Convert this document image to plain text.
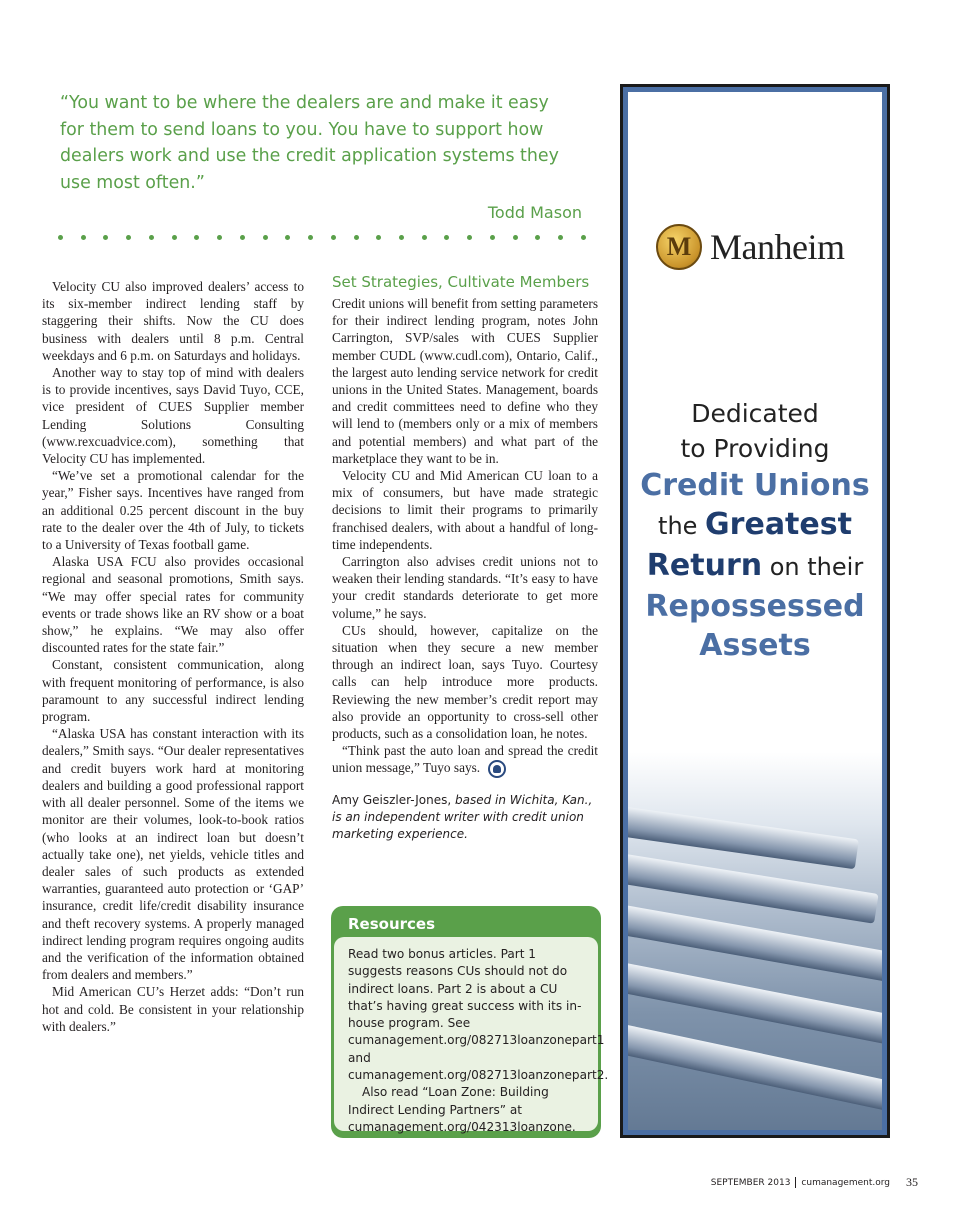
“You want to be where the dealers are and make it easy
for them to send loans to you. You have to support how
dealers work and use the credit application systems they
use most often.”
Todd Mason

Velocity CU also improved dealers’ access to its six-member indirect lending staff by staggering their shifts. Now the CU does business with dealers until 8 p.m. Central weekdays and 6 p.m. on Saturdays and holidays.

Another way to stay top of mind with dealers is to provide incentives, says David Tuyo, CCE, vice president of CUES Supplier member Lending Solutions Consulting (www.rexcuadvice.com), something that Velocity CU has implemented.

“We’ve set a promotional calendar for the year,” Fisher says. Incentives have ranged from an additional 0.25 percent discount in the buy rate to the dealer over the 4th of July, to tickets to a University of Texas football game.

Alaska USA FCU also provides occasional regional and seasonal promotions, Smith says. “We may offer special rates for community events or trade shows like an RV show or a boat show,” he explains. “We may also offer discounted rates for the state fair.”

Constant, consistent communication, along with frequent monitoring of performance, is also paramount to any successful indirect lending program.

“Alaska USA has constant interaction with its dealers,” Smith says. “Our dealer representatives and credit buyers work hard at monitoring dealers and building a good professional rapport with all dealer personnel. Some of the items we monitor are their volumes, look-to-book ratios (who looks at an indirect loan but doesn’t actually take one), net yields, vehicle titles and dealer sales of such products as extended warranties, guaranteed auto protection or ‘GAP’ insurance, credit life/credit disability insurance and theft recovery systems. A properly managed indirect lending program requires ongoing audits and the verification of the information obtained from dealers and members.”

Mid American CU’s Herzet adds: “Don’t run hot and cold. Be consistent in your relationship with dealers.”

Set Strategies, Cultivate Members

Credit unions will benefit from setting parameters for their indirect lending program, notes John Carrington, SVP/sales with CUES Supplier member CUDL (www.cudl.com), Ontario, Calif., the largest auto lending service network for credit unions in the United States. Management, boards and credit committees need to define who they will lend to (members only or a mix of members and potential members) and what part of the marketplace they want to be in.

Velocity CU and Mid American CU loan to a mix of consumers, but have made strategic decisions to limit their programs to primarily franchised dealers, with about a handful of long-time independents.

Carrington also advises credit unions not to weaken their lending standards. “It’s easy to have your credit standards deteriorate to get more volume,” he says.

CUs should, however, capitalize on the situation when they secure a new member through an indirect loan, says Tuyo. Courtesy calls can help introduce more products. Reviewing the new member’s credit report may also provide an opportunity to cross-sell other products, such as a consolidation loan, he notes.

“Think past the auto loan and spread the credit union message,” Tuyo says.

Amy Geiszler-Jones, based in Wichita, Kan., is an independent writer with credit union marketing experience.
Resources

Read two bonus articles. Part 1 suggests reasons CUs should not do indirect loans. Part 2 is about a CU that’s having great success with its in-house program. See cumanagement.org/082713loanzonepart1 and cumanagement.org/082713loanzonepart2.

Also read “Loan Zone: Building Indirect Lending Partners” at cumanagement.org/042313loanzone.

M Manheim
Dedicated
to Providing
Credit Unions
the Greatest
Return on their
Repossessed
Assets
SEPTEMBER 2013 cumanagement.org 35
